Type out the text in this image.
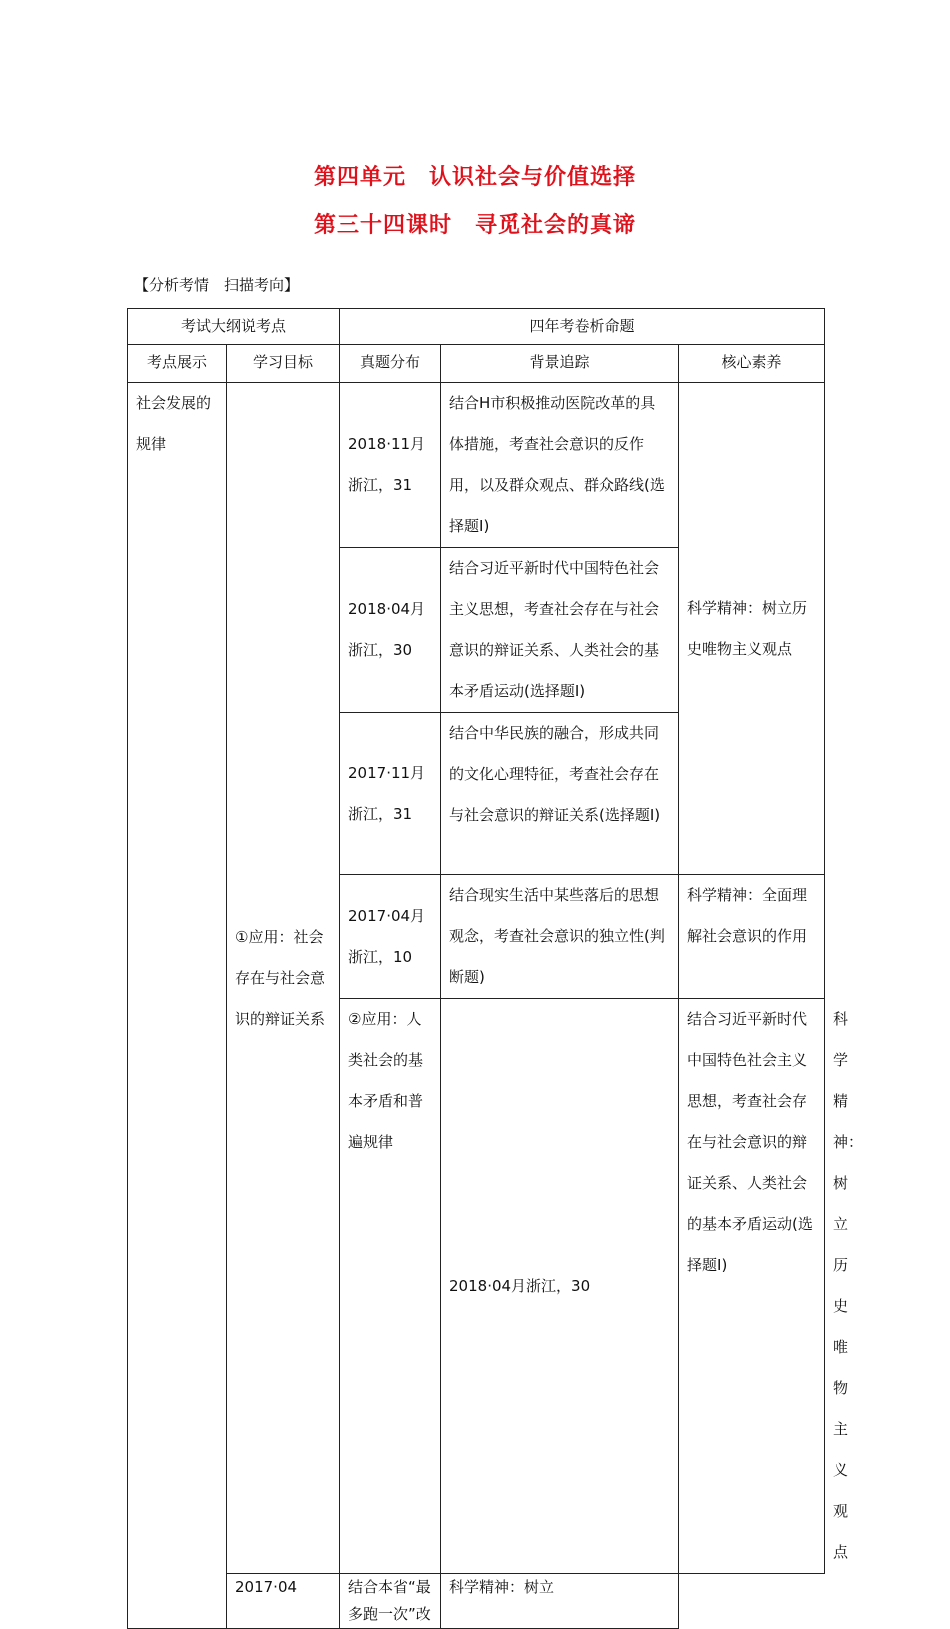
第四单元　认识社会与价值选择
第三十四课时　寻觅社会的真谛
【分析考情　扫描考向】
考试大纲说考点		四年考卷析命题			
考点展示	学习目标	真题分布	背景追踪	核心素养	
社会发展的规律	①应用：社会存在与社会意识的辩证关系	2018·11月浙江，31	结合H市积极推动医院改革的具体措施，考查社会意识的反作用，以及群众观点、群众路线(选择题Ⅰ)	科学精神：树立历史唯物主义观点	
		2018·04月浙江，30	结合习近平新时代中国特色社会主义思想，考查社会存在与社会意识的辩证关系、人类社会的基本矛盾运动(选择题Ⅰ)		
		2017·11月浙江，31	结合中华民族的融合，形成共同的文化心理特征，考查社会存在与社会意识的辩证关系(选择题Ⅰ)		
		2017·04月浙江，10	结合现实生活中某些落后的思想观念，考查社会意识的独立性(判断题)	科学精神：全面理解社会意识的作用	
		②应用：人类社会的基本矛盾和普遍规律	2018·04月浙江，30	结合习近平新时代中国特色社会主义思想，考查社会存在与社会意识的辩证关系、人类社会的基本矛盾运动(选择题Ⅰ)	科学精神：树立历史唯物主义观点
	2017·04	结合本省“最多跑一次”改	科学精神：树立		
